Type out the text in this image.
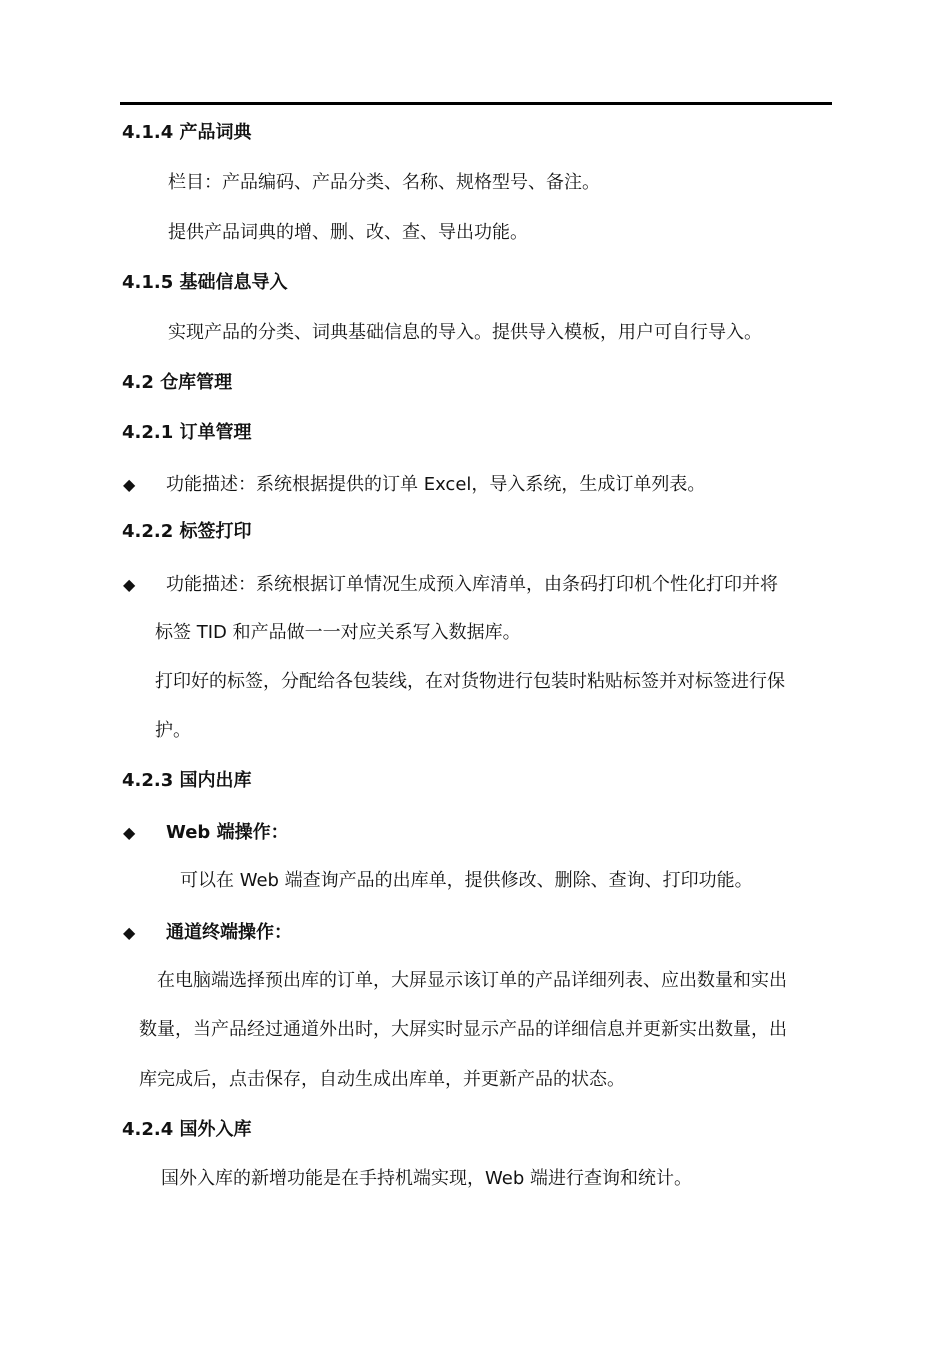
4.1.4 产品词典
栏目：产品编码、产品分类、名称、规格型号、备注。
提供产品词典的增、删、改、查、导出功能。
4.1.5 基础信息导入
实现产品的分类、词典基础信息的导入。提供导入模板，用户可自行导入。
4.2 仓库管理
4.2.1 订单管理
◆ 功能描述：系统根据提供的订单 Excel，导入系统，生成订单列表。
4.2.2 标签打印
◆ 功能描述：系统根据订单情况生成预入库清单，由条码打印机个性化打印并将
标签 TID 和产品做一一对应关系写入数据库。
打印好的标签，分配给各包装线，在对货物进行包装时粘贴标签并对标签进行保
护。
4.2.3 国内出库
◆ Web 端操作：
可以在 Web 端查询产品的出库单，提供修改、删除、查询、打印功能。
◆ 通道终端操作：
在电脑端选择预出库的订单，大屏显示该订单的产品详细列表、应出数量和实出
数量，当产品经过通道外出时，大屏实时显示产品的详细信息并更新实出数量，出
库完成后，点击保存，自动生成出库单，并更新产品的状态。
4.2.4 国外入库
国外入库的新增功能是在手持机端实现，Web 端进行查询和统计。
